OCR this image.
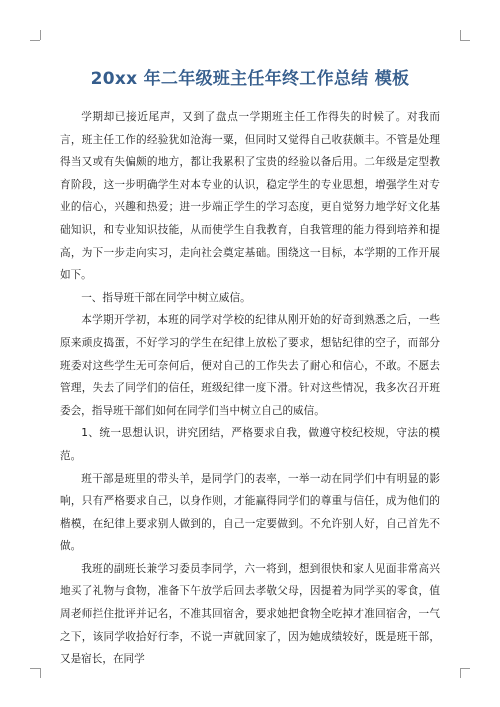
20xx 年二年级班主任年终工作总结 模板

学期却已接近尾声，又到了盘点一学期班主任工作得失的时候了。对我而言，班主任工作的经验犹如沧海一粟，但同时又觉得自己收获颇丰。不管是处理得当又或有失偏颇的地方，都让我累积了宝贵的经验以备后用。二年级是定型教育阶段，这一步明确学生对本专业的认识，稳定学生的专业思想，增强学生对专业的信心，兴趣和热爱；进一步端正学生的学习态度，更自觉努力地学好文化基础知识，和专业知识技能，从而使学生自我教育，自我管理的能力得到培养和提高，为下一步走向实习，走向社会奠定基础。围绕这一目标，本学期的工作开展如下。

一、指导班干部在同学中树立威信。

本学期开学初，本班的同学对学校的纪律从刚开始的好奇到熟悉之后，一些原来顽皮捣蛋，不好学习的学生在纪律上放松了要求，想钻纪律的空子，而部分班委对这些学生无可奈何后，便对自己的工作失去了耐心和信心，不敢。不愿去管理，失去了同学们的信任，班级纪律一度下滑。针对这些情况，我多次召开班委会，指导班干部们如何在同学们当中树立自己的威信。

1、统一思想认识，讲究团结，严格要求自我，做遵守校纪校规，守法的模范。

班干部是班里的带头羊，是同学门的表率，一举一动在同学们中有明显的影响，只有严格要求自己，以身作则，才能赢得同学们的尊重与信任，成为他们的楷模，在纪律上要求别人做到的，自己一定要做到。不允许别人好，自己首先不做。

我班的副班长兼学习委员李同学，六一将到，想到很快和家人见面非常高兴地买了礼物与食物，准备下午放学后回去孝敬父母，因提着为同学买的零食，值周老师拦住批评并记名，不准其回宿舍，要求她把食物全吃掉才准回宿舍，一气之下，该同学收拾好行李，不说一声就回家了，因为她成绩较好，既是班干部，又是宿长，在同学
